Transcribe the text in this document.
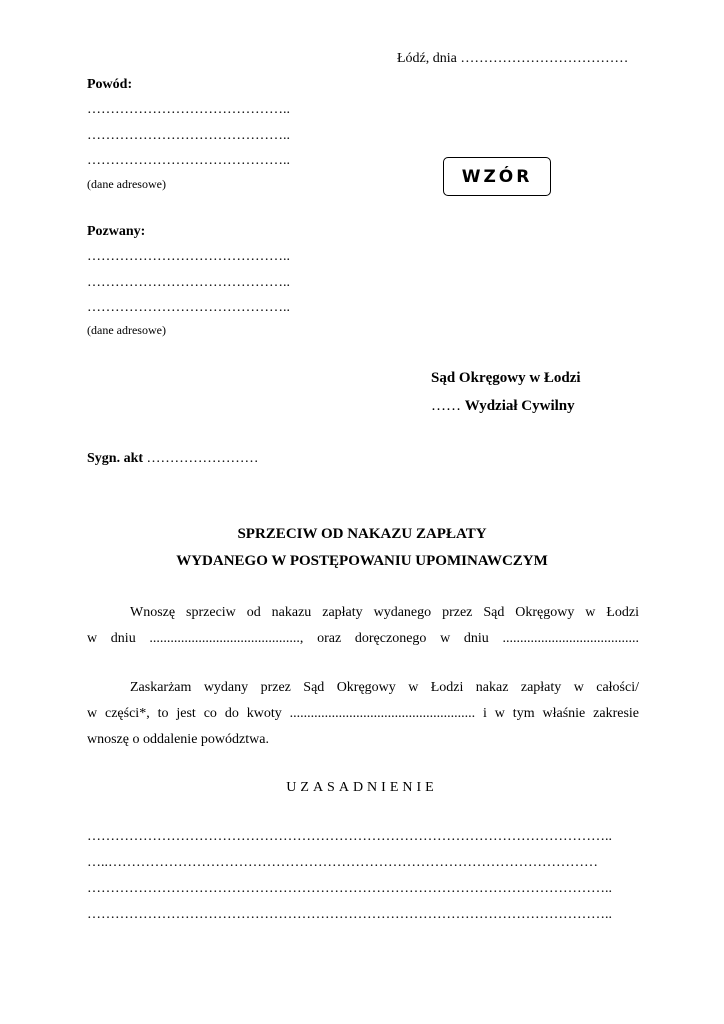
Łódź, dnia ………………………………
Powód:
……………………………………..
……………………………………..
……………………………………..
(dane adresowe)	WZÓR
Pozwany:
……………………………………..
……………………………………..
……………………………………..
(dane adresowe)
Sąd Okręgowy w Łodzi
…… Wydział Cywilny
Sygn. akt ……………………
SPRZECIW OD NAKAZU ZAPŁATY
WYDANEGO W POSTĘPOWANIU UPOMINAWCZYM
Wnoszę sprzeciw od nakazu zapłaty wydanego przez Sąd Okręgowy w Łodzi
w dniu ..........................................., oraz doręczonego w dniu .......................................
Zaskarżam wydany przez Sąd Okręgowy w Łodzi nakaz zapłaty w całości/
w części*, to jest co do kwoty ..................................................... i w tym właśnie zakresie
wnoszę o oddalenie powództwa.
UZASADNIENIE
…………………………………………………………………………………………………..
…..……………………………………………………………………………………………
…………………………………………………………………………………………………..
…………………………………………………………………………………………………..
